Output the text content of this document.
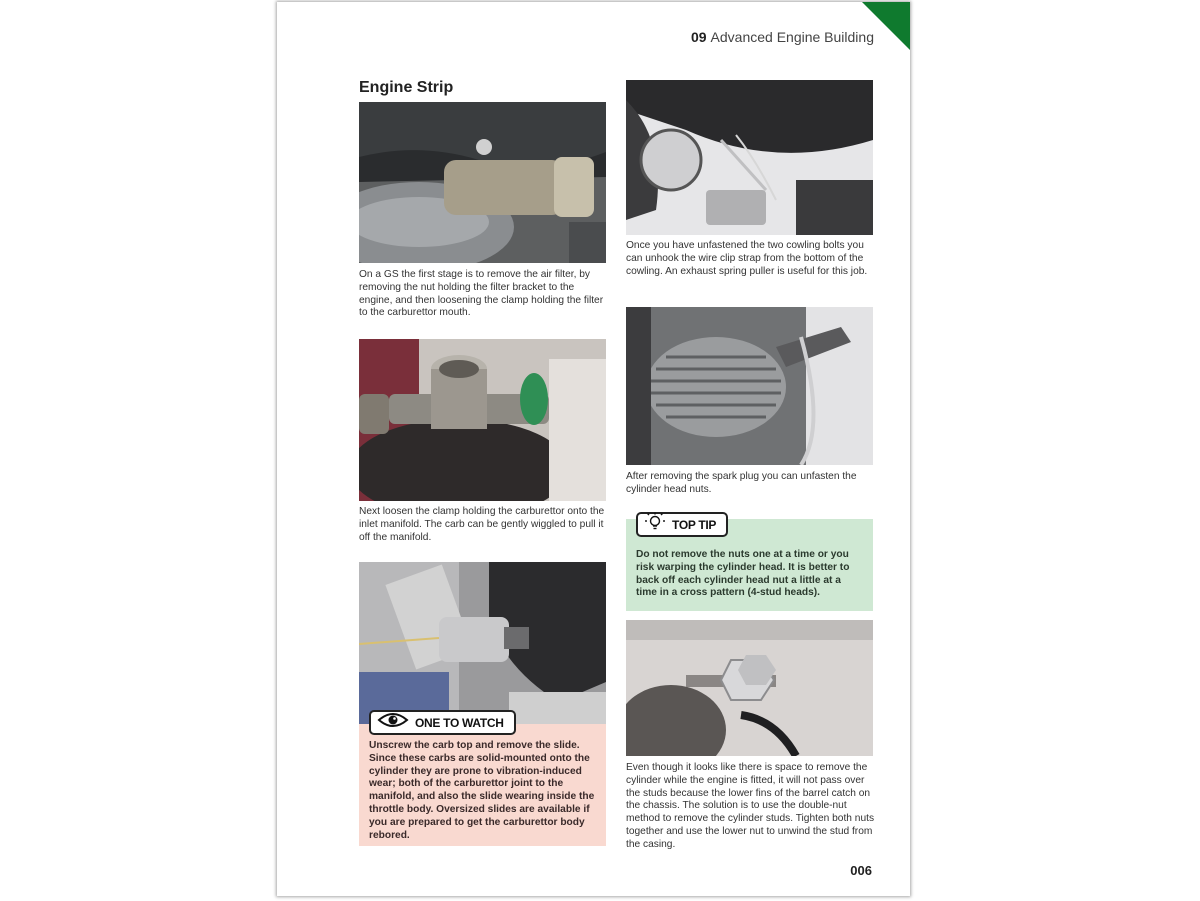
09 Advanced Engine Building
Engine Strip
On a GS the first stage is to remove the air filter, by removing the nut holding the filter bracket to the engine, and then loosening the clamp holding the filter to the carburettor mouth.
Next loosen the clamp holding the carburettor onto the inlet manifold. The carb can be gently wiggled to pull it off the manifold.
Unscrew the carb top and remove the slide. Since these carbs are solid-mounted onto the cylinder they are prone to vibration-induced wear; both of the carburettor joint to the manifold, and also the slide wearing inside the throttle body. Oversized slides are available if you are prepared to get the carburettor body rebored.
ONE TO WATCH
Once you have unfastened the two cowling bolts you can unhook the wire clip strap from the bottom of the cowling. An exhaust spring puller is useful for this job.
After removing the spark plug you can unfasten the cylinder head nuts.
Do not remove the nuts one at a time or you risk warping the cylinder head. It is better to back off each cylinder head nut a little at a time in a cross pattern (4-stud heads).
TOP TIP
Even though it looks like there is space to remove the cylinder while the engine is fitted, it will not pass over the studs because the lower fins of the barrel catch on the chassis. The solution is to use the double-nut method to remove the cylinder studs. Tighten both nuts together and use the lower nut to unwind the stud from the casing.
006
